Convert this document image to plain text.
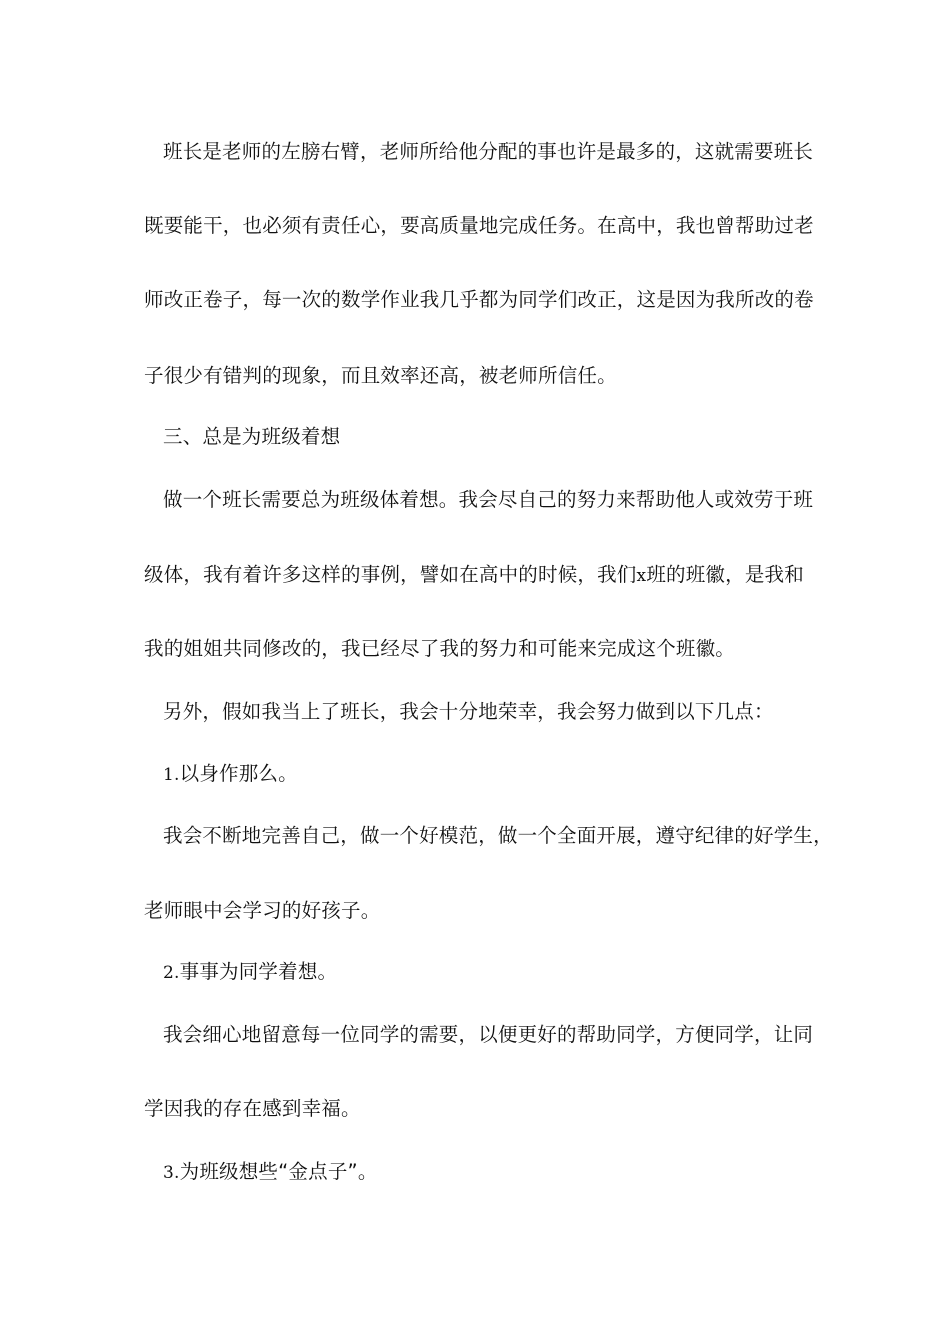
班长是老师的左膀右臂，老师所给他分配的事也许是最多的，这就需要班长
既要能干，也必须有责任心，要高质量地完成任务。在高中，我也曾帮助过老
师改正卷子，每一次的数学作业我几乎都为同学们改正，这是因为我所改的卷
子很少有错判的现象，而且效率还高，被老师所信任。
三、总是为班级着想
做一个班长需要总为班级体着想。我会尽自己的努力来帮助他人或效劳于班
级体，我有着许多这样的事例，譬如在高中的时候，我们x班的班徽，是我和
我的姐姐共同修改的，我已经尽了我的努力和可能来完成这个班徽。
另外，假如我当上了班长，我会十分地荣幸，我会努力做到以下几点：
1.以身作那么。
我会不断地完善自己，做一个好模范，做一个全面开展，遵守纪律的好学生，
老师眼中会学习的好孩子。
2.事事为同学着想。
我会细心地留意每一位同学的需要，以便更好的帮助同学，方便同学，让同
学因我的存在感到幸福。
3.为班级想些“金点子”。
